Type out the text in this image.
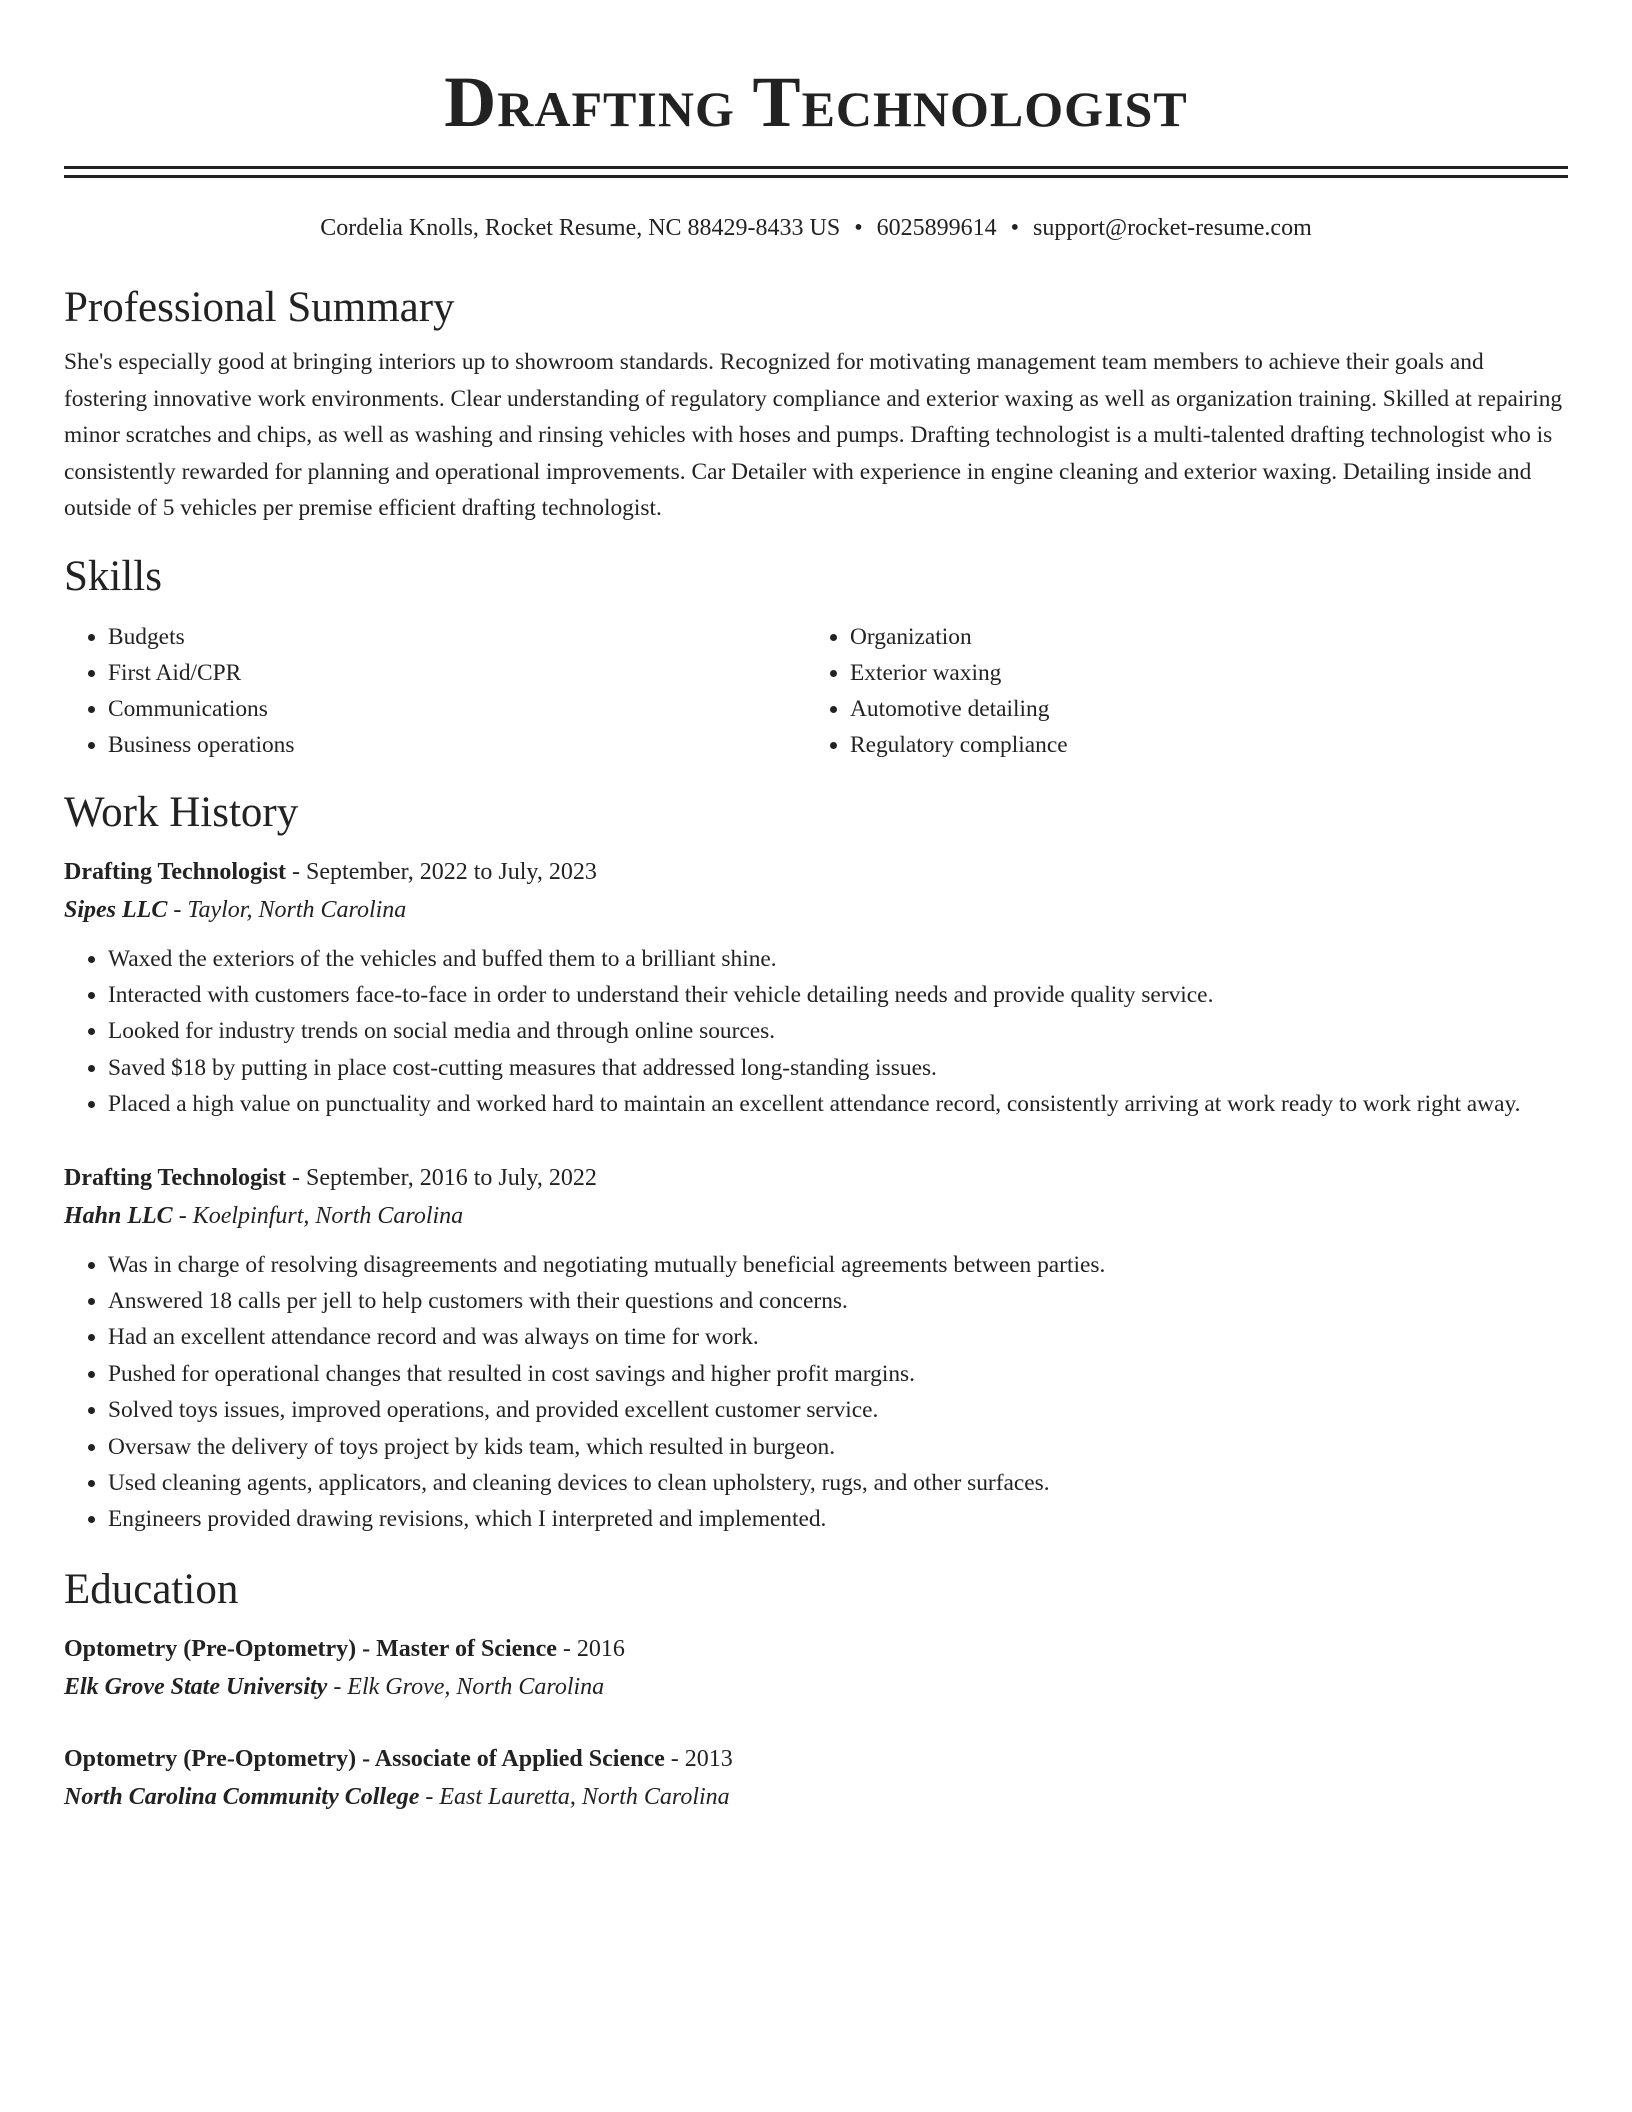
Drafting Technologist
Cordelia Knolls, Rocket Resume, NC 88429-8433 US • 6025899614 • support@rocket-resume.com
Professional Summary
She's especially good at bringing interiors up to showroom standards. Recognized for motivating management team members to achieve their goals and fostering innovative work environments. Clear understanding of regulatory compliance and exterior waxing as well as organization training. Skilled at repairing minor scratches and chips, as well as washing and rinsing vehicles with hoses and pumps. Drafting technologist is a multi-talented drafting technologist who is consistently rewarded for planning and operational improvements. Car Detailer with experience in engine cleaning and exterior waxing. Detailing inside and outside of 5 vehicles per premise efficient drafting technologist.
Skills
• Budgets
• First Aid/CPR
• Communications
• Business operations
• Organization
• Exterior waxing
• Automotive detailing
• Regulatory compliance
Work History
Drafting Technologist - September, 2022 to July, 2023
Sipes LLC - Taylor, North Carolina
• Waxed the exteriors of the vehicles and buffed them to a brilliant shine.
• Interacted with customers face-to-face in order to understand their vehicle detailing needs and provide quality service.
• Looked for industry trends on social media and through online sources.
• Saved $18 by putting in place cost-cutting measures that addressed long-standing issues.
• Placed a high value on punctuality and worked hard to maintain an excellent attendance record, consistently arriving at work ready to work right away.
Drafting Technologist - September, 2016 to July, 2022
Hahn LLC - Koelpinfurt, North Carolina
• Was in charge of resolving disagreements and negotiating mutually beneficial agreements between parties.
• Answered 18 calls per jell to help customers with their questions and concerns.
• Had an excellent attendance record and was always on time for work.
• Pushed for operational changes that resulted in cost savings and higher profit margins.
• Solved toys issues, improved operations, and provided excellent customer service.
• Oversaw the delivery of toys project by kids team, which resulted in burgeon.
• Used cleaning agents, applicators, and cleaning devices to clean upholstery, rugs, and other surfaces.
• Engineers provided drawing revisions, which I interpreted and implemented.
Education
Optometry (Pre-Optometry) - Master of Science - 2016
Elk Grove State University - Elk Grove, North Carolina
Optometry (Pre-Optometry) - Associate of Applied Science - 2013
North Carolina Community College - East Lauretta, North Carolina
